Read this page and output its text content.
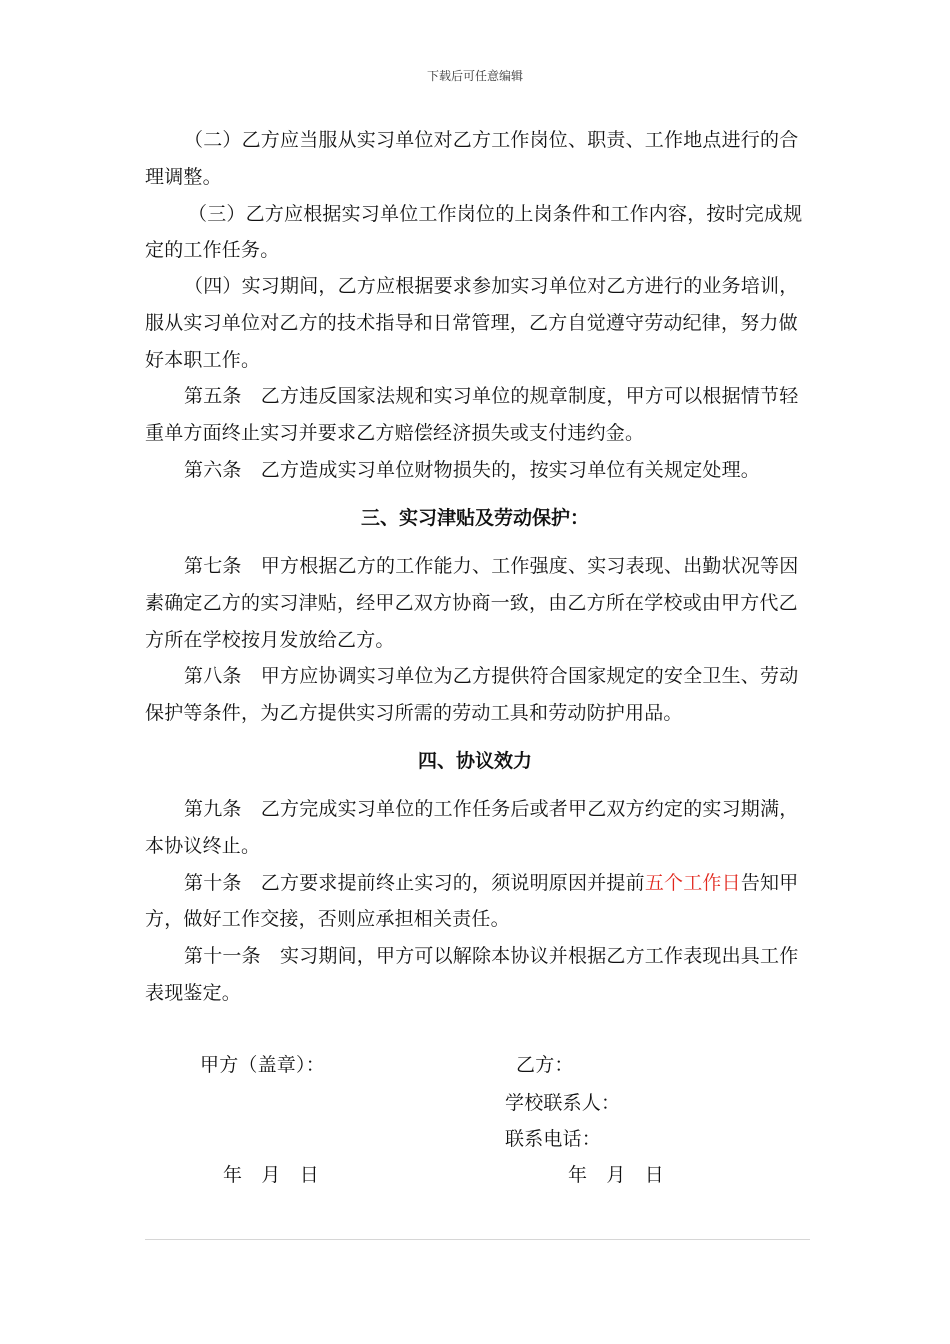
下载后可任意编辑
（二）乙方应当服从实习单位对乙方工作岗位、职责、工作地点进行的合
理调整。
（三）乙方应根据实习单位工作岗位的上岗条件和工作内容，按时完成规
定的工作任务。
（四）实习期间，乙方应根据要求参加实习单位对乙方进行的业务培训，
服从实习单位对乙方的技术指导和日常管理，乙方自觉遵守劳动纪律，努力做
好本职工作。
第五条　乙方违反国家法规和实习单位的规章制度，甲方可以根据情节轻
重单方面终止实习并要求乙方赔偿经济损失或支付违约金。
第六条　乙方造成实习单位财物损失的，按实习单位有关规定处理。
三、实习津贴及劳动保护：
第七条　甲方根据乙方的工作能力、工作强度、实习表现、出勤状况等因
素确定乙方的实习津贴，经甲乙双方协商一致，由乙方所在学校或由甲方代乙
方所在学校按月发放给乙方。
第八条　甲方应协调实习单位为乙方提供符合国家规定的安全卫生、劳动
保护等条件，为乙方提供实习所需的劳动工具和劳动防护用品。
四、协议效力
第九条　乙方完成实习单位的工作任务后或者甲乙双方约定的实习期满，
本协议终止。
第十条　乙方要求提前终止实习的，须说明原因并提前五个工作日告知甲
方，做好工作交接，否则应承担相关责任。
第十一条　实习期间，甲方可以解除本协议并根据乙方工作表现出具工作
表现鉴定。
甲方（盖章）：	乙方：
学校联系人：
联系电话：
年　月　日	年　月　日
